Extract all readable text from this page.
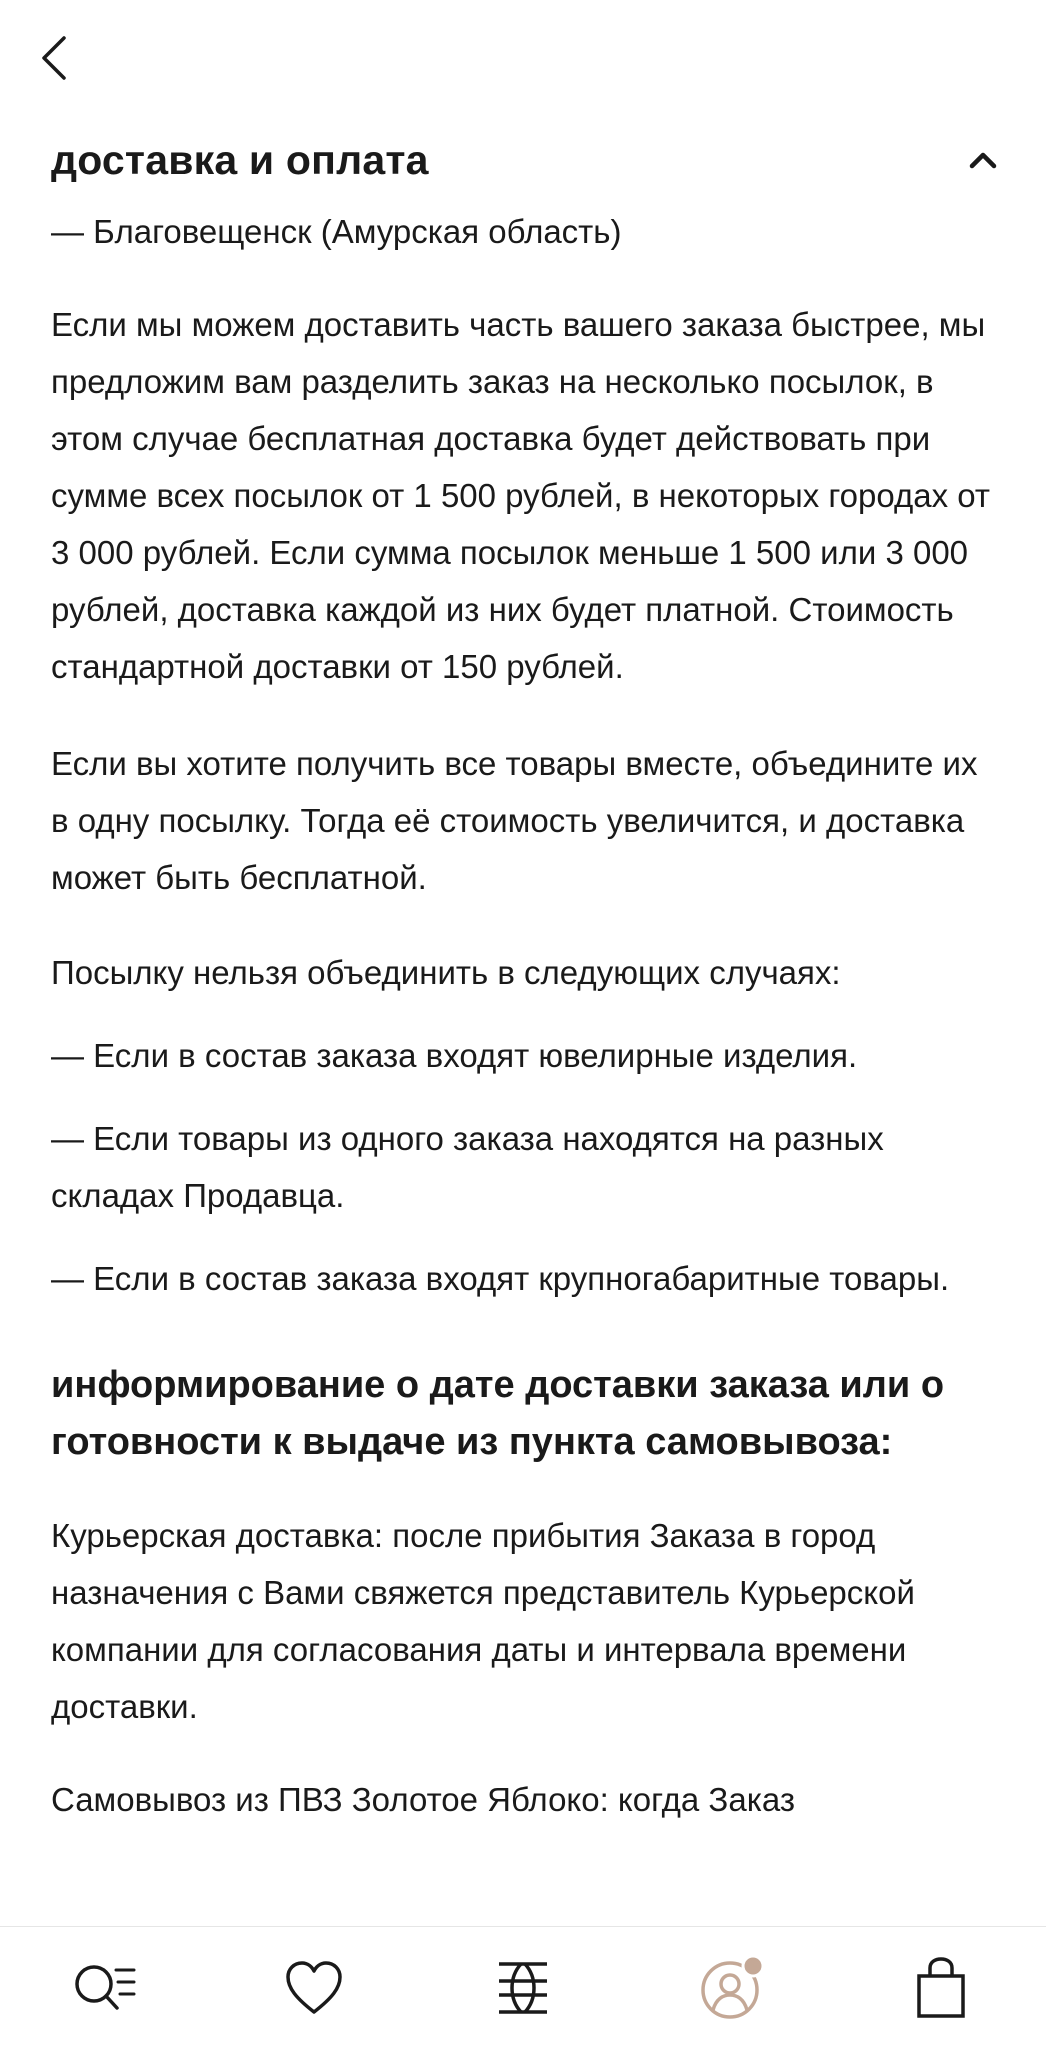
доставка и оплата

— Благовещенск (Амурская область)

Если мы можем доставить часть вашего заказа быстрее, мы предложим вам разделить заказ на несколько посылок, в этом случае бесплатная доставка будет действовать при сумме всех посылок от 1 500 рублей, в некоторых городах от 3 000 рублей. Если сумма посылок меньше 1 500 или 3 000 рублей, доставка каждой из них будет платной. Стоимость стандартной доставки от 150 рублей.

Если вы хотите получить все товары вместе, объедините их в одну посылку. Тогда её стоимость увеличится, и доставка может быть бесплатной.

Посылку нельзя объединить в следующих случаях:

— Если в состав заказа входят ювелирные изделия.

— Если товары из одного заказа находятся на разных складах Продавца.

— Если в состав заказа входят крупногабаритные товары.

информирование о дате доставки заказа или о готовности к выдаче из пункта самовывоза:

Курьерская доставка: после прибытия Заказа в город назначения с Вами свяжется представитель Курьерской компании для согласования даты и интервала времени доставки.

Самовывоз из ПВЗ Золотое Яблоко: когда Заказ
